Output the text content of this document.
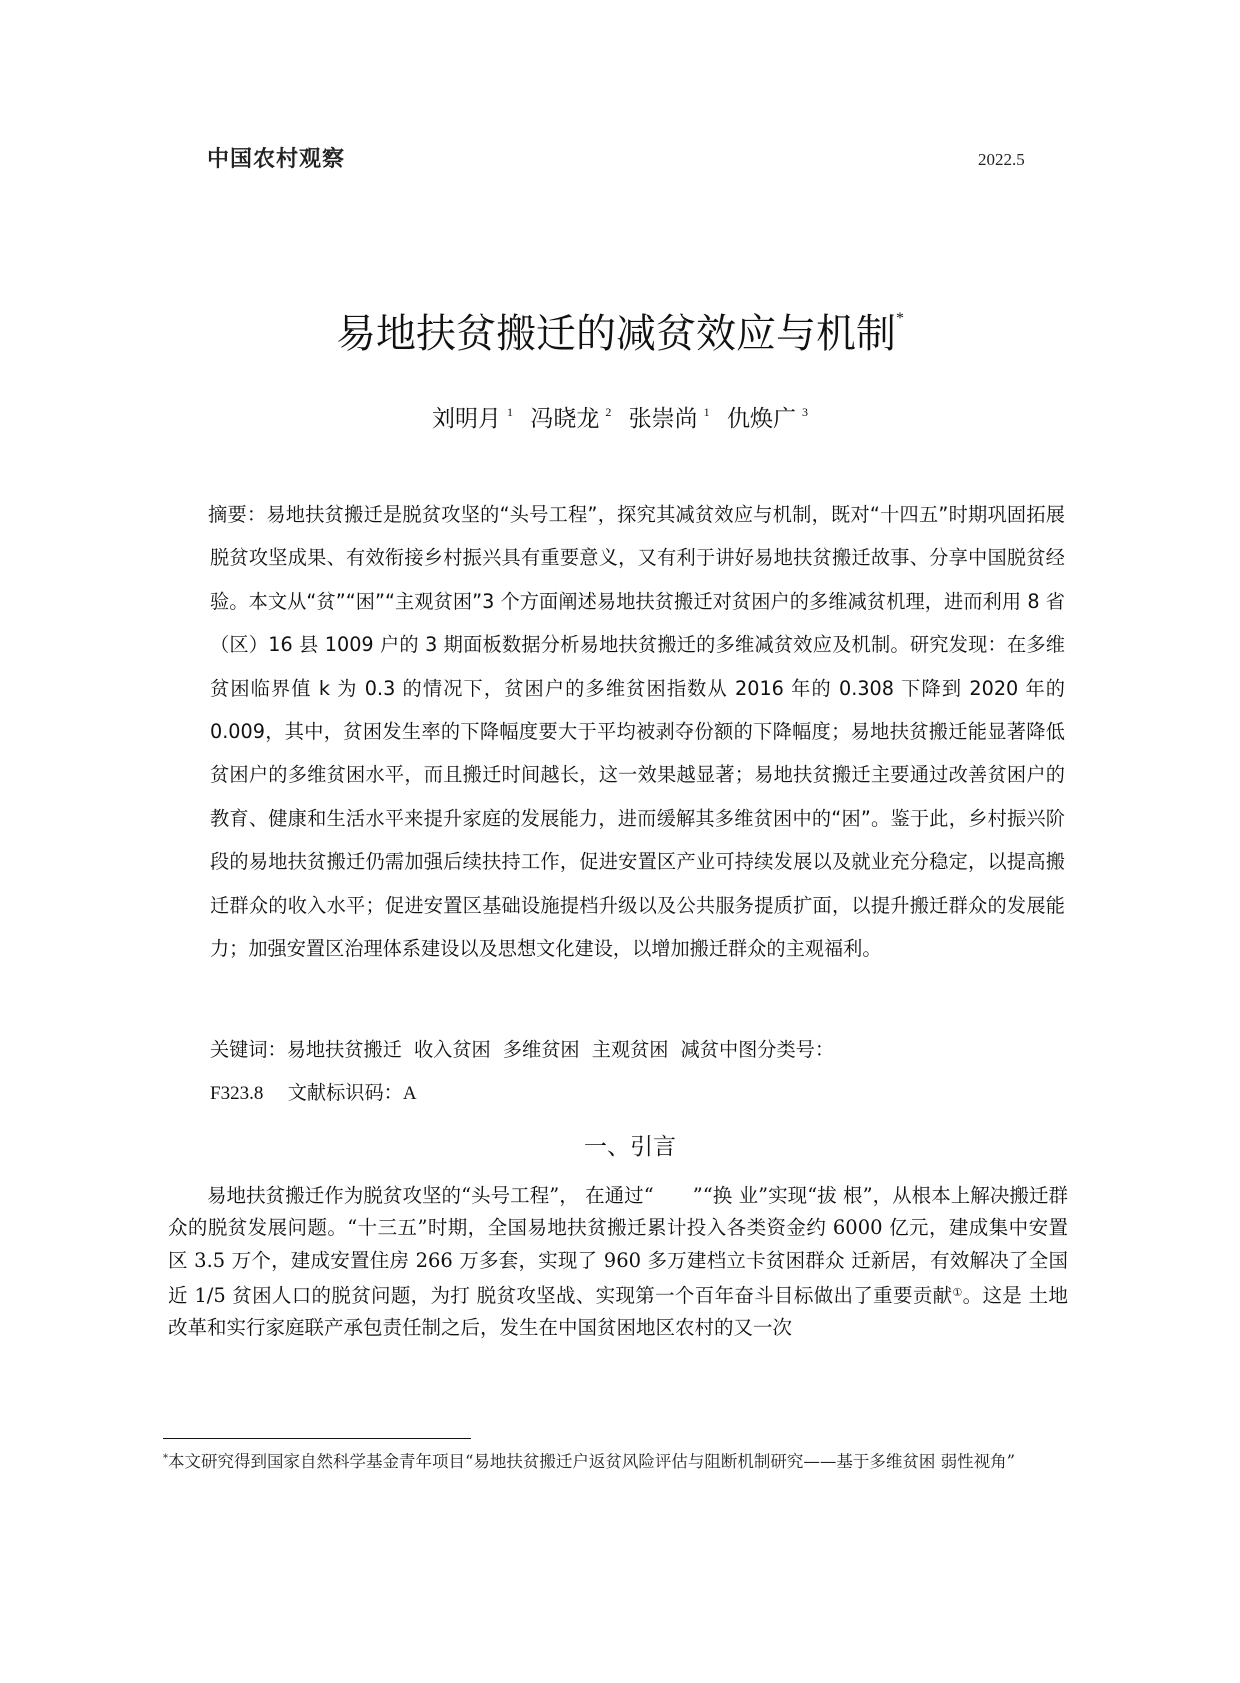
中国农村观察	2022.5
易地扶贫搬迁的减贫效应与机制*
刘明月 $^1$ 冯晓龙 $^2$ 张崇尚 $^1$ 仇焕广 $^3$

摘要：易地扶贫搬迁是脱贫攻坚的“头号工程”，探究其减贫效应与机制，既对“十四五”时期巩固拓展脱贫攻坚成果、有效衔接乡村振兴具有重要意义，又有利于讲好易地扶贫搬迁故事、分享中国脱贫经验。本文从“贫”“困”“主观贫困”3 个方面阐述易地扶贫搬迁对贫困户的多维减贫机理，进而利用 8 省（区）16 县 1009 户的 3 期面板数据分析易地扶贫搬迁的多维减贫效应及机制。研究发现：在多维贫困临界值 k 为 0.3 的情况下，贫困户的多维贫困指数从 2016 年的 0.308 下降到 2020 年的 0.009，其中，贫困发生率的下降幅度要大于平均被剥夺份额的下降幅度；易地扶贫搬迁能显著降低贫困户的多维贫困水平，而且搬迁时间越长，这一效果越显著；易地扶贫搬迁主要通过改善贫困户的教育、健康和生活水平来提升家庭的发展能力，进而缓解其多维贫困中的“困”。鉴于此，乡村振兴阶段的易地扶贫搬迁仍需加强后续扶持工作，促进安置区产业可持续发展以及就业充分稳定，以提高搬迁群众的收入水平；促进安置区基础设施提档升级以及公共服务提质扩面，以提升搬迁群众的发展能力；加强安置区治理体系建设以及思想文化建设，以增加搬迁群众的主观福利。

关键词：易地扶贫搬迁 收入贫困 多维贫困 主观贫困 减贫中图分类号：
F323.8 文献标识码：A
一、引言

易地扶贫搬迁作为脱贫攻坚的“头号工程”， 在通过“　　”“换 业”实现“拔 根”，从根本上解决搬迁群众的脱贫发展问题。“十三五”时期，全国易地扶贫搬迁累计投入各类资金约 6000 亿元，建成集中安置区 3.5 万个，建成安置住房 266 万多套，实现了 960 多万建档立卡贫困群众 迁新居，有效解决了全国近 1/5 贫困人口的脱贫问题，为打 脱贫攻坚战、实现第一个百年奋斗目标做出了重要贡献①。这是 土地改革和实行家庭联产承包责任制之后，发生在中国贫困地区农村的又一次

*本文研究得到国家自然科学基金青年项目“易地扶贫搬迁户返贫风险评估与阻断机制研究——基于多维贫困 弱性视角”
